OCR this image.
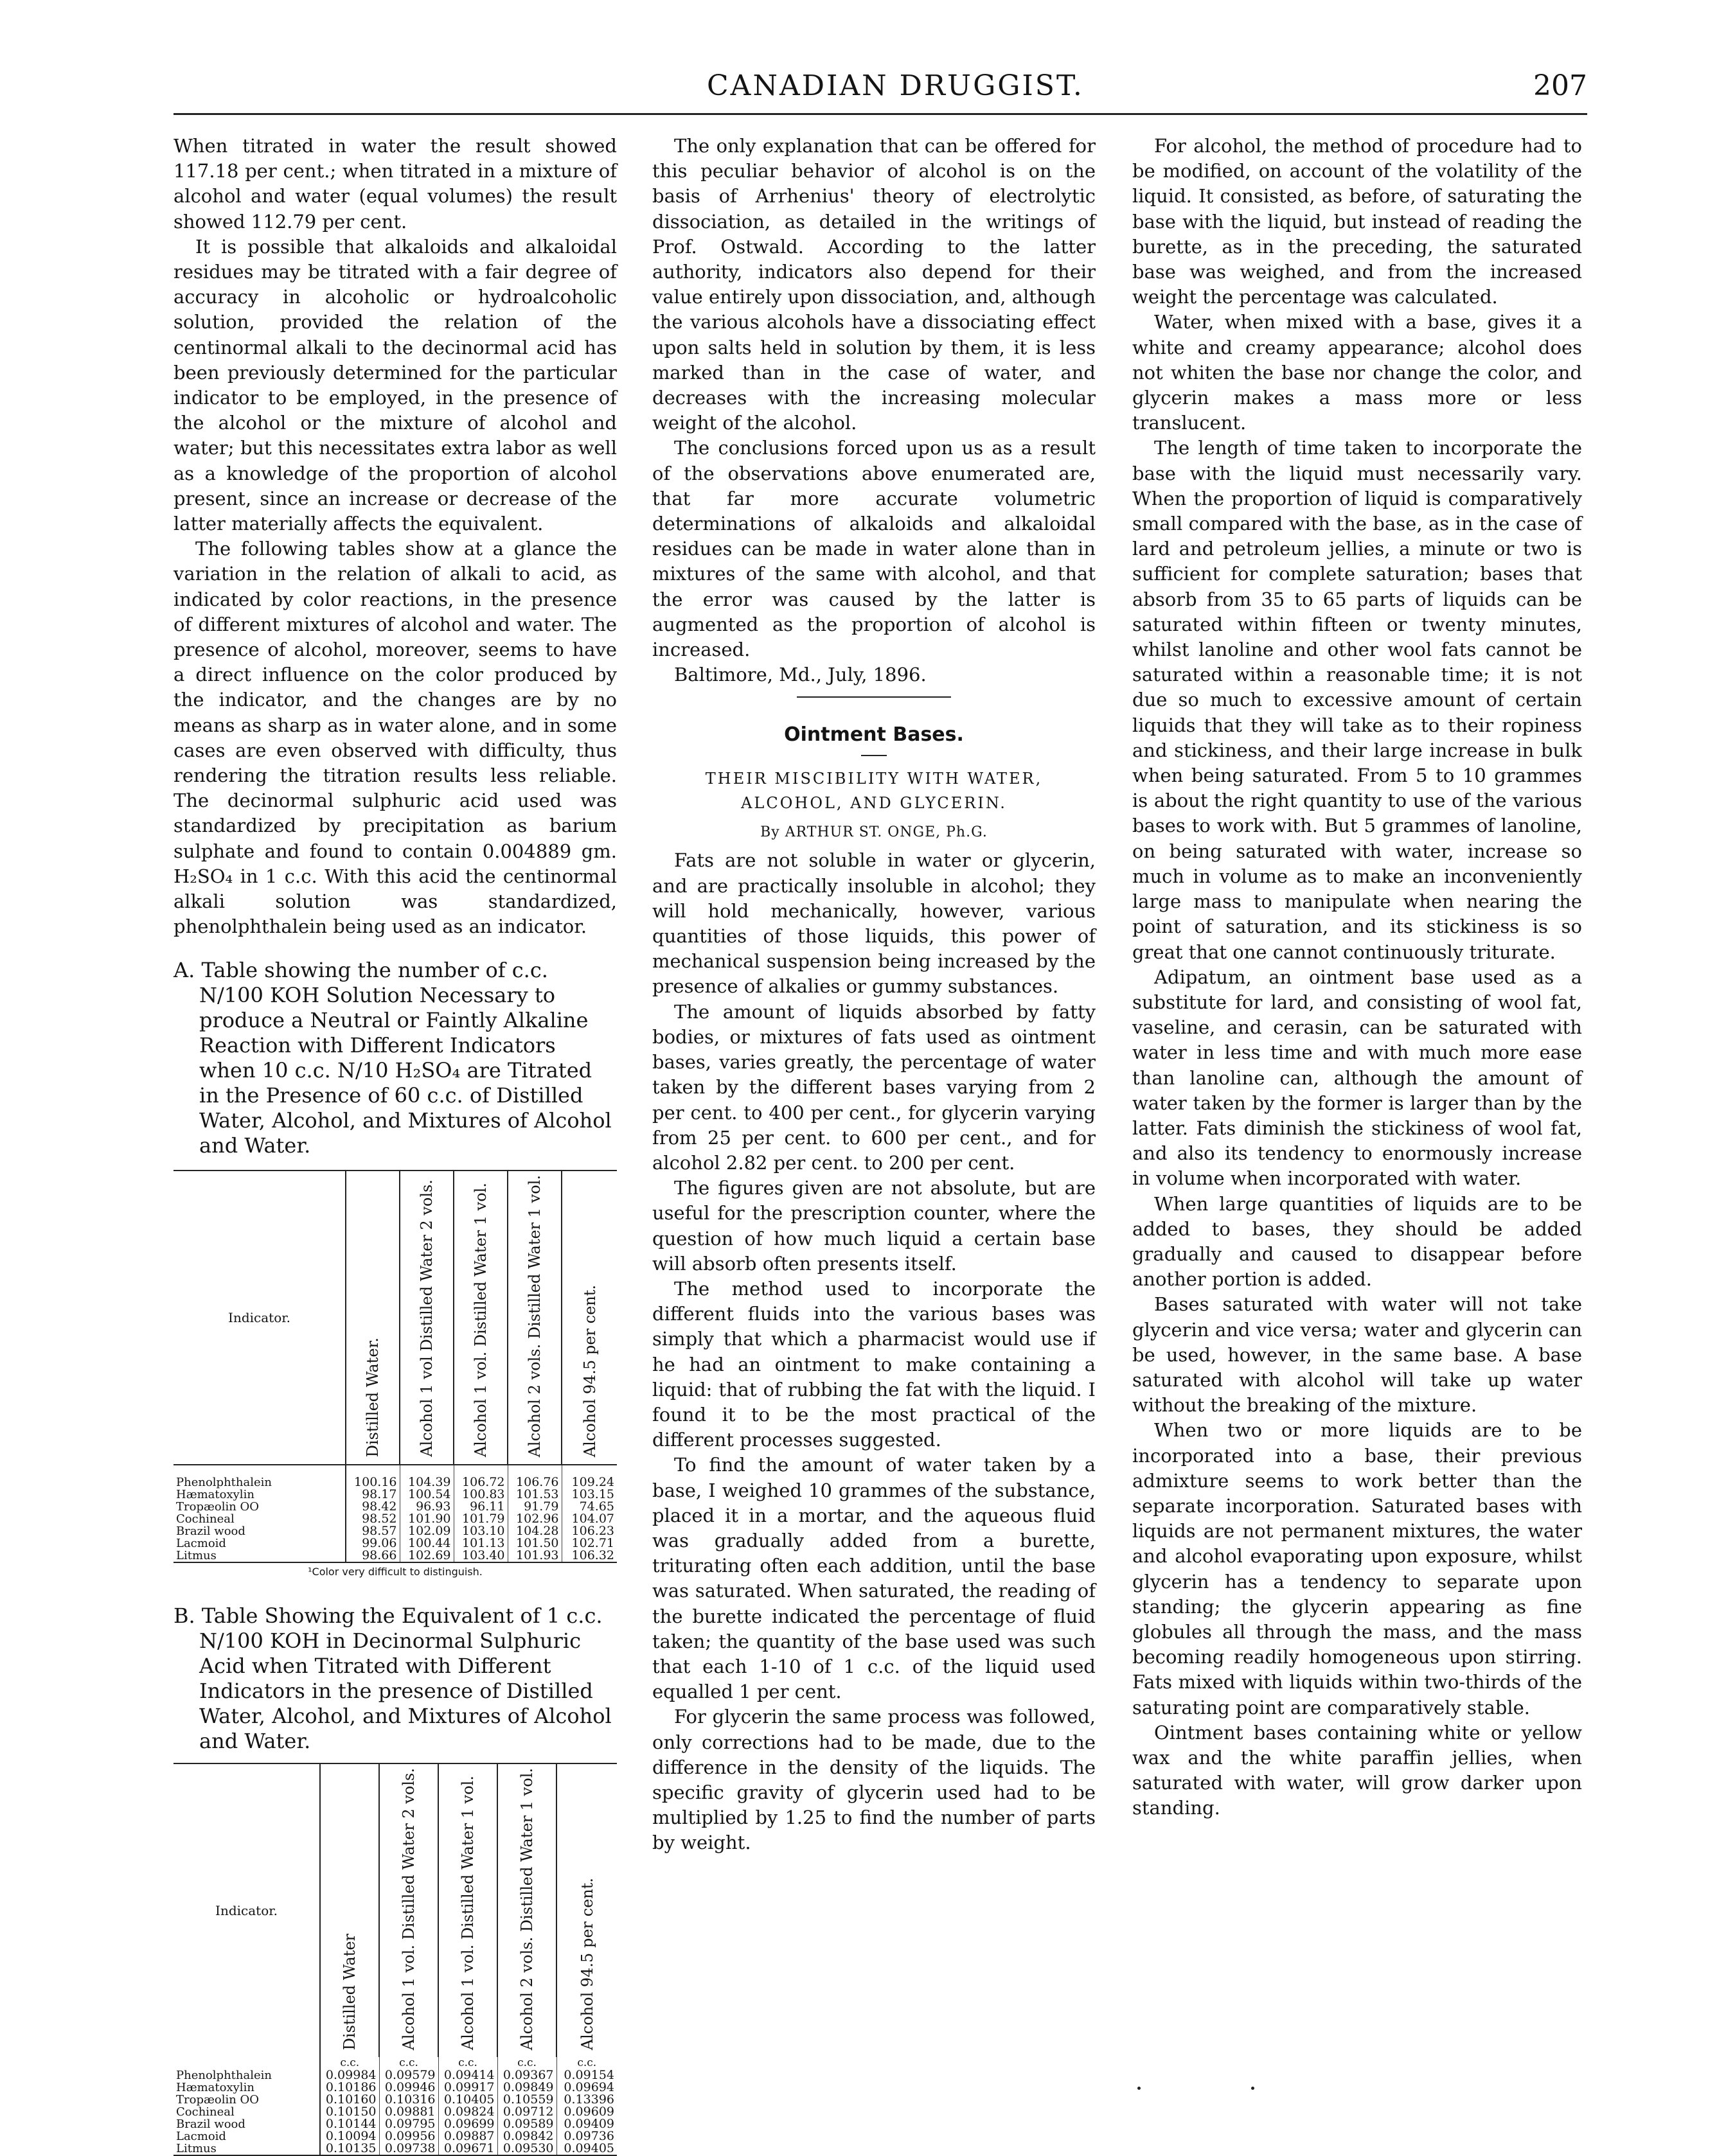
CANADIAN DRUGGIST.	207

When titrated in water the result showed 117.18 per cent.; when titrated in a mixture of alcohol and water (equal volumes) the result showed 112.79 per cent.

It is possible that alkaloids and alkaloidal residues may be titrated with a fair degree of accuracy in alcoholic or hydroalcoholic solution, provided the relation of the centinormal alkali to the decinormal acid has been previously determined for the particular indicator to be employed, in the presence of the alcohol or the mixture of alcohol and water; but this necessitates extra labor as well as a knowledge of the proportion of alcohol present, since an increase or decrease of the latter materially affects the equivalent.

The following tables show at a glance the variation in the relation of alkali to acid, as indicated by color reactions, in the presence of different mixtures of alcohol and water. The presence of alcohol, moreover, seems to have a direct influence on the color produced by the indicator, and the changes are by no means as sharp as in water alone, and in some cases are even observed with difficulty, thus rendering the titration results less reliable. The decinormal sulphuric acid used was standardized by precipitation as barium sulphate and found to contain 0.004889 gm. H₂SO₄ in 1 c.c. With this acid the centinormal alkali solution was standardized, phenolphthalein being used as an indicator.

A. Table showing the number of c.c. N/100 KOH Solution Necessary to produce a Neutral or Faintly Alkaline Reaction with Different Indicators when 10 c.c. N/10 H₂SO₄ are Titrated in the Presence of 60 c.c. of Distilled Water, Alcohol, and Mixtures of Alcohol and Water.

Indicator.	Distilled Water.	Alcohol 1 vol Distilled Water 2 vols.	Alcohol 1 vol. Distilled Water 1 vol.	Alcohol 2 vols. Distilled Water 1 vol.	Alcohol 94.5 per cent.

Phenolphthalein	100.16	104.39	106.72	106.76	109.24
Hæmatoxylin	98.17	100.54	100.83	101.53	103.15
Tropæolin OO	98.42	96.93	96.11	91.79	74.65
Cochineal	98.52	101.90	101.79	102.96	104.07
Brazil wood	98.57	102.09	103.10	104.28	106.23
Lacmoid	99.06	100.44	101.13	101.50	102.71
Litmus	98.66	102.69	103.40	101.93	106.32
¹Color very difficult to distinguish.

B. Table Showing the Equivalent of 1 c.c. N/100 KOH in Decinormal Sulphuric Acid when Titrated with Different Indicators in the presence of Distilled Water, Alcohol, and Mixtures of Alcohol and Water.

Indicator.	Distilled Water	Alcohol 1 vol. Distilled Water 2 vols.	Alcohol 1 vol. Distilled Water 1 vol.	Alcohol 2 vols. Distilled Water 1 vol.	Alcohol 94.5 per cent.
	c.c.	c.c.	c.c.	c.c.	c.c.
Phenolphthalein	0.09984	0.09579	0.09414	0.09367	0.09154
Hæmatoxylin	0.10186	0.09946	0.09917	0.09849	0.09694
Tropæolin OO	0.10160	0.10316	0.10405	0.10559	0.13396
Cochineal	0.10150	0.09881	0.09824	0.09712	0.09609
Brazil wood	0.10144	0.09795	0.09699	0.09589	0.09409
Lacmoid	0.10094	0.09956	0.09887	0.09842	0.09736
Litmus	0.10135	0.09738	0.09671	0.09530	0.09405

The only explanation that can be offered for this peculiar behavior of alcohol is on the basis of Arrhenius' theory of electrolytic dissociation, as detailed in the writings of Prof. Ostwald. According to the latter authority, indicators also depend for their value entirely upon dissociation, and, although the various alcohols have a dissociating effect upon salts held in solution by them, it is less marked than in the case of water, and decreases with the increasing molecular weight of the alcohol.

The conclusions forced upon us as a result of the observations above enumerated are, that far more accurate volumetric determinations of alkaloids and alkaloidal residues can be made in water alone than in mixtures of the same with alcohol, and that the error was caused by the latter is augmented as the proportion of alcohol is increased.

Baltimore, Md., July, 1896.

Ointment Bases.

THEIR MISCIBILITY WITH WATER, ALCOHOL, AND GLYCERIN.

By ARTHUR ST. ONGE, Ph.G.

Fats are not soluble in water or glycerin, and are practically insoluble in alcohol; they will hold mechanically, however, various quantities of those liquids, this power of mechanical suspension being increased by the presence of alkalies or gummy substances.

The amount of liquids absorbed by fatty bodies, or mixtures of fats used as ointment bases, varies greatly, the percentage of water taken by the different bases varying from 2 per cent. to 400 per cent., for glycerin varying from 25 per cent. to 600 per cent., and for alcohol 2.82 per cent. to 200 per cent.

The figures given are not absolute, but are useful for the prescription counter, where the question of how much liquid a certain base will absorb often presents itself.

The method used to incorporate the different fluids into the various bases was simply that which a pharmacist would use if he had an ointment to make containing a liquid: that of rubbing the fat with the liquid. I found it to be the most practical of the different processes suggested.

To find the amount of water taken by a base, I weighed 10 grammes of the substance, placed it in a mortar, and the aqueous fluid was gradually added from a burette, triturating often each addition, until the base was saturated. When saturated, the reading of the burette indicated the percentage of fluid taken; the quantity of the base used was such that each 1-10 of 1 c.c. of the liquid used equalled 1 per cent.

For glycerin the same process was followed, only corrections had to be made, due to the difference in the density of the liquids. The specific gravity of glycerin used had to be multiplied by 1.25 to find the number of parts by weight.

For alcohol, the method of procedure had to be modified, on account of the volatility of the liquid. It consisted, as before, of saturating the base with the liquid, but instead of reading the burette, as in the preceding, the saturated base was weighed, and from the increased weight the percentage was calculated.

Water, when mixed with a base, gives it a white and creamy appearance; alcohol does not whiten the base nor change the color, and glycerin makes a mass more or less translucent.

The length of time taken to incorporate the base with the liquid must necessarily vary. When the proportion of liquid is comparatively small compared with the base, as in the case of lard and petroleum jellies, a minute or two is sufficient for complete saturation; bases that absorb from 35 to 65 parts of liquids can be saturated within fifteen or twenty minutes, whilst lanoline and other wool fats cannot be saturated within a reasonable time; it is not due so much to excessive amount of certain liquids that they will take as to their ropiness and stickiness, and their large increase in bulk when being saturated. From 5 to 10 grammes is about the right quantity to use of the various bases to work with. But 5 grammes of lanoline, on being saturated with water, increase so much in volume as to make an inconveniently large mass to manipulate when nearing the point of saturation, and its stickiness is so great that one cannot continuously triturate.

Adipatum, an ointment base used as a substitute for lard, and consisting of wool fat, vaseline, and cerasin, can be saturated with water in less time and with much more ease than lanoline can, although the amount of water taken by the former is larger than by the latter. Fats diminish the stickiness of wool fat, and also its tendency to enormously increase in volume when incorporated with water.

When large quantities of liquids are to be added to bases, they should be added gradually and caused to disappear before another portion is added.

Bases saturated with water will not take glycerin and vice versa; water and glycerin can be used, however, in the same base. A base saturated with alcohol will take up water without the breaking of the mixture.

When two or more liquids are to be incorporated into a base, their previous admixture seems to work better than the separate incorporation. Saturated bases with liquids are not permanent mixtures, the water and alcohol evaporating upon exposure, whilst glycerin has a tendency to separate upon standing; the glycerin appearing as fine globules all through the mass, and the mass becoming readily homogeneous upon stirring. Fats mixed with liquids within two-thirds of the saturating point are comparatively stable.

Ointment bases containing white or yellow wax and the white paraffin jellies, when saturated with water, will grow darker upon standing.
